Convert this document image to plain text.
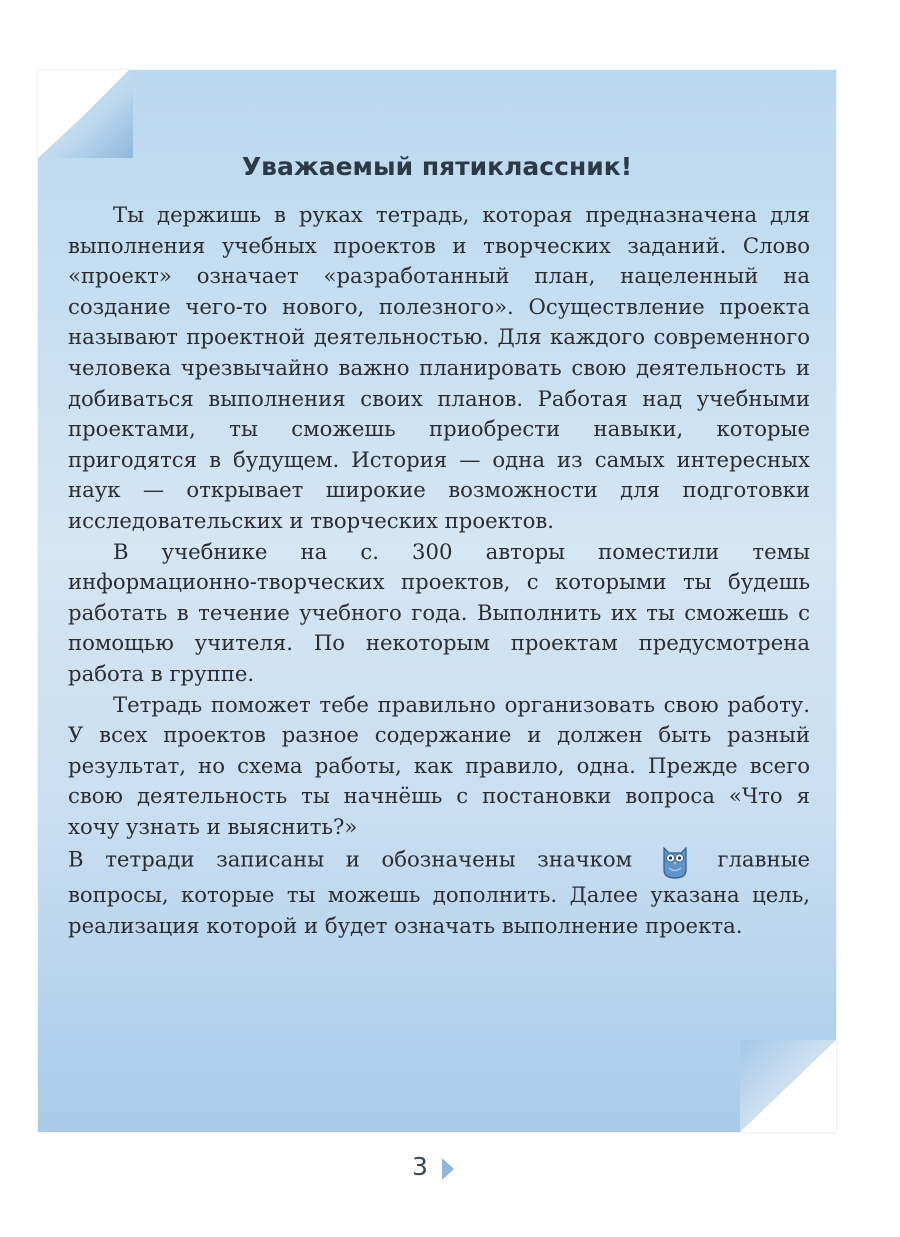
Уважаемый пятиклассник!

Ты держишь в руках тетрадь, которая предназначена для выполнения учебных проектов и творческих заданий. Слово «проект» означает «разработанный план, нацеленный на создание чего-то нового, полезного». Осуществление проекта называют проектной деятельностью. Для каждого современного человека чрезвычайно важно планировать свою деятельность и добиваться выполнения своих планов. Работая над учебными проектами, ты сможешь приобрести навыки, которые пригодятся в будущем. История — одна из самых интересных наук — открывает широкие возможности для подготовки исследовательских и творческих проектов.

В учебнике на с. 300 авторы поместили темы информационно-творческих проектов, с которыми ты будешь работать в течение учебного года. Выполнить их ты сможешь с помощью учителя. По некоторым проектам предусмотрена работа в группе.

Тетрадь поможет тебе правильно организовать свою работу. У всех проектов разное содержание и должен быть разный результат, но схема работы, как правило, одна. Прежде всего свою деятельность ты начнёшь с постановки вопроса «Что я хочу узнать и выяснить?»

В тетради записаны и обозначены значком  главные вопросы, которые ты можешь дополнить. Далее указана цель, реализация которой и будет означать выполнение проекта.

3
